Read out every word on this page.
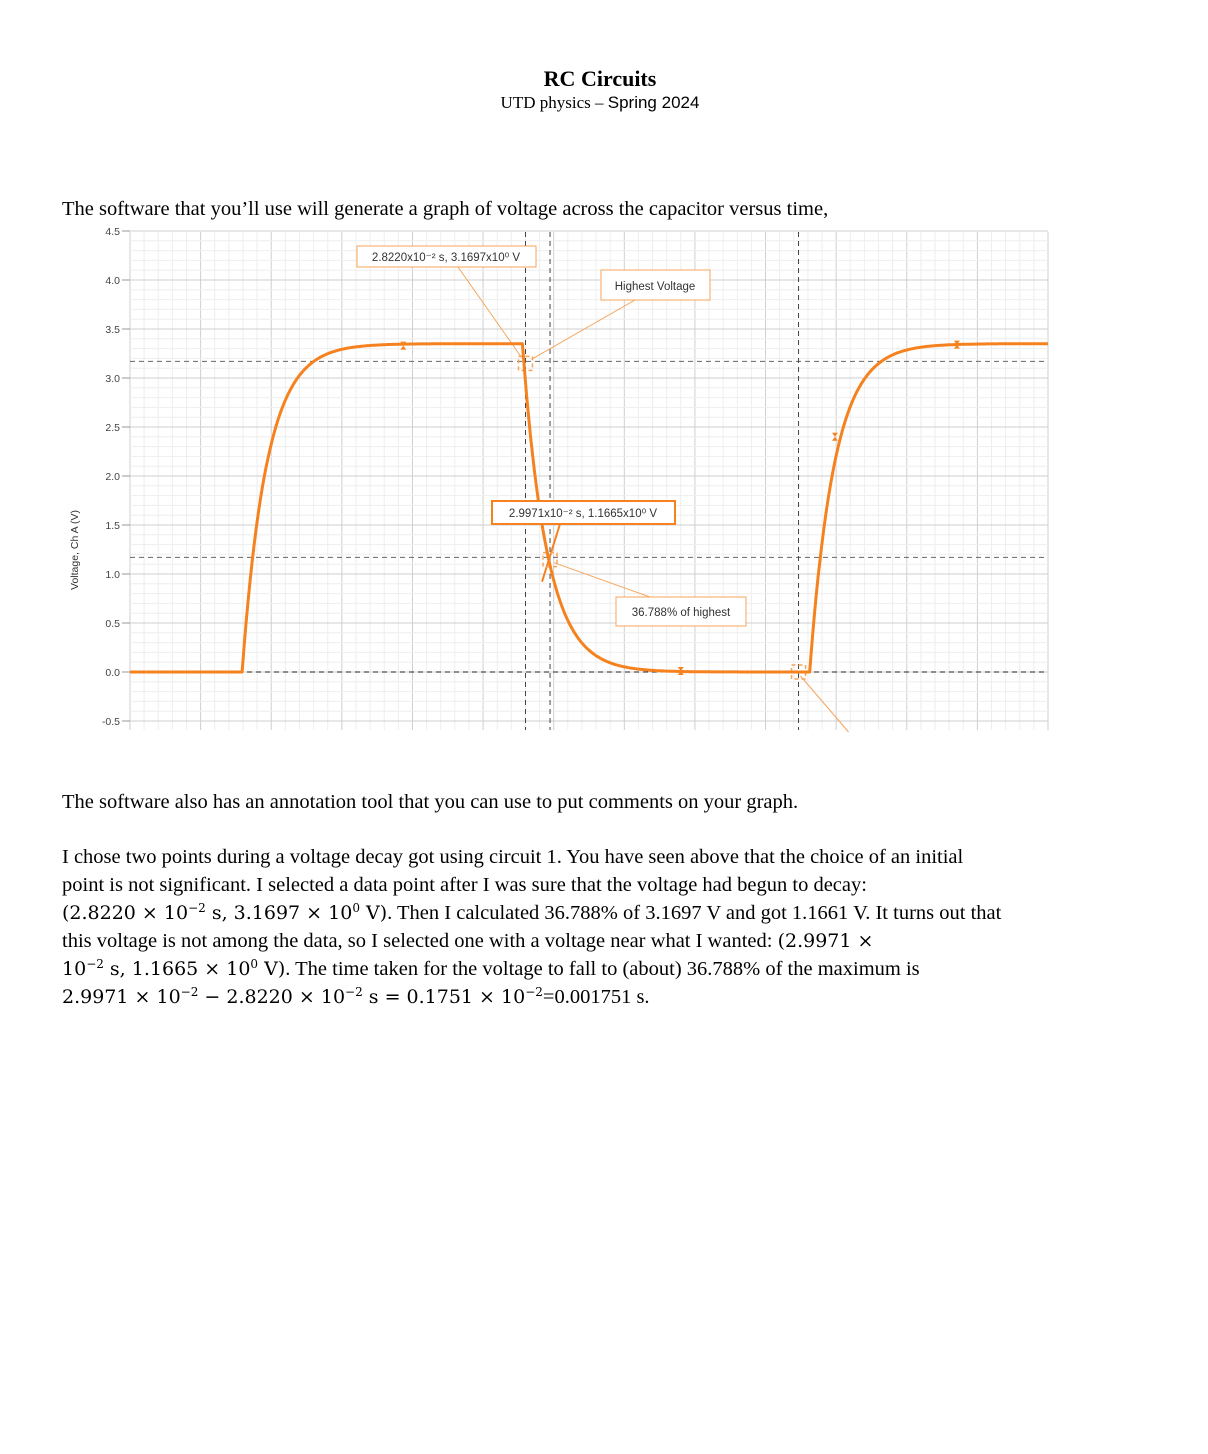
RC Circuits
UTD physics – Spring 2024
The software that you’ll use will generate a graph of voltage across the capacitor versus time,
4.5
4.0
3.5
3.0
2.5
2.0
1.5
1.0
0.5
0.0
-0.5
Voltage, Ch A (V)
2.8220x10⁻² s, 3.1697x10⁰ V
Highest Voltage
2.9971x10⁻² s, 1.1665x10⁰ V
36.788% of highest
The software also has an annotation tool that you can use to put comments on your graph.
I chose two points during a voltage decay got using circuit 1. You have seen above that the choice of an initial
point is not significant. I selected a data point after I was sure that the voltage had begun to decay:
($2.8220 \times 10^{-2}$ s, $3.1697 \times 10^0$ V). Then I calculated 36.788% of 3.1697 V and got 1.1661 V. It turns out that
this voltage is not among the data, so I selected one with a voltage near what I wanted: (2.9971 ×
$10^{-2}$ s, $1.1665 \times 10^0$ V). The time taken for the voltage to fall to (about) 36.788% of the maximum is
$2.9971 \times 10^{-2} - 2.8220 \times 10^{-2}$ $s = 0.1751 \times 10^{-2}=0.001751$ s.
